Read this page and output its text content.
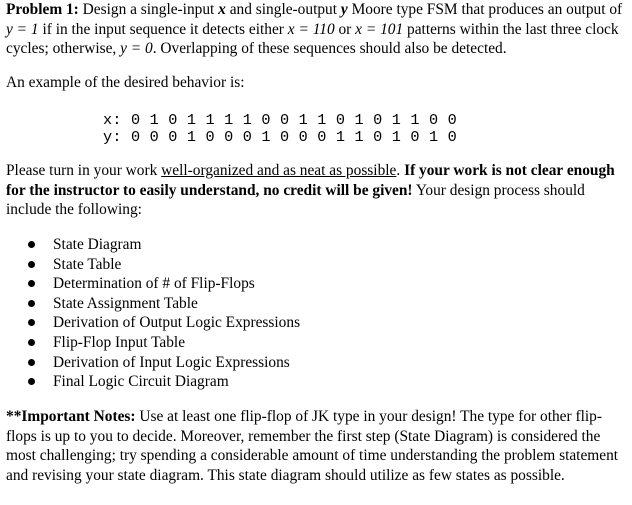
Problem 1: Design a single-input x and single-output y Moore type FSM that produces an output of y = 1 if in the input sequence it detects either x = 110 or x = 101 patterns within the last three clock cycles; otherwise, y = 0. Overlapping of these sequences should also be detected.

An example of the desired behavior is:

x: 0 1 0 1 1 1 1 0 0 1 1 0 1 0 1 1 0 0
y: 0 0 0 1 0 0 0 1 0 0 0 1 1 0 1 0 1 0

Please turn in your work well-organized and as neat as possible. If your work is not clear enough for the instructor to easily understand, no credit will be given! Your design process should include the following:

State Diagram
State Table
Determination of # of Flip-Flops
State Assignment Table
Derivation of Output Logic Expressions
Flip-Flop Input Table
Derivation of Input Logic Expressions
Final Logic Circuit Diagram

**Important Notes: Use at least one flip-flop of JK type in your design! The type for other flip-flops is up to you to decide. Moreover, remember the first step (State Diagram) is considered the most challenging; try spending a considerable amount of time understanding the problem statement and revising your state diagram. This state diagram should utilize as few states as possible.
